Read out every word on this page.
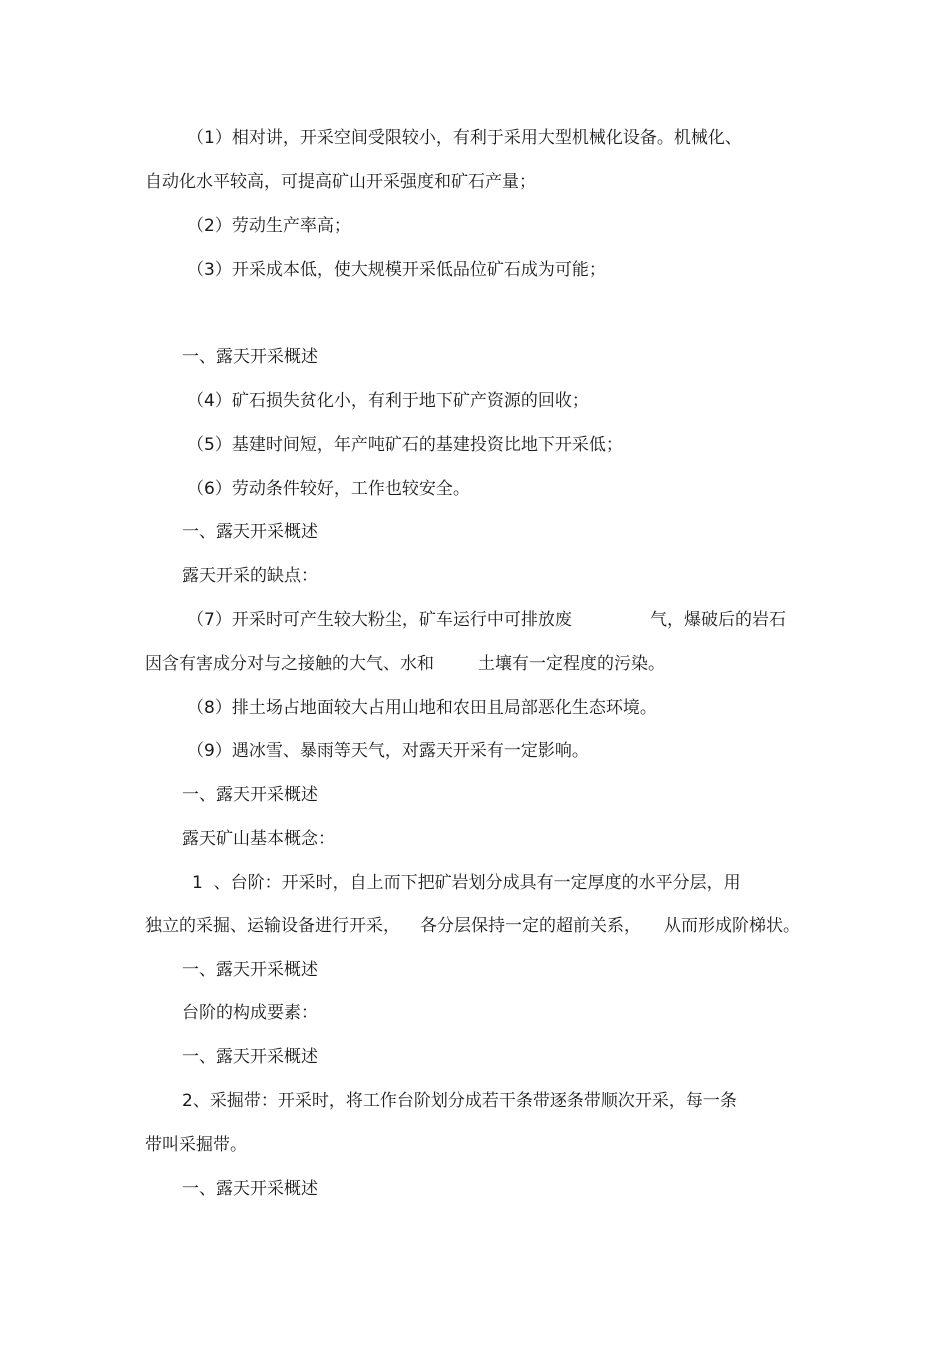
（1）相对讲，开采空间受限较小，有利于采用大型机械化设备。机械化、

自动化水平较高，可提高矿山开采强度和矿石产量；

（2）劳动生产率高；

（3）开采成本低，使大规模开采低品位矿石成为可能；

一、露天开采概述

（4）矿石损失贫化小，有利于地下矿产资源的回收；

（5）基建时间短，年产吨矿石的基建投资比地下开采低；

（6）劳动条件较好，工作也较安全。

一、露天开采概述

露天开采的缺点：

（7）开采时可产生较大粉尘，矿车运行中可排放废	气，爆破后的岩石

因含有害成分对与之接触的大气、水和	土壤有一定程度的污染。

（8）排土场占地面较大占用山地和农田且局部恶化生态环境。

（9）遇冰雪、暴雨等天气，对露天开采有一定影响。

一、露天开采概述

露天矿山基本概念：

1  、台阶：开采时，自上而下把矿岩划分成具有一定厚度的水平分层，用

独立的采掘、运输设备进行开采， 各分层保持一定的超前关系， 从而形成阶梯状。

一、露天开采概述

台阶的构成要素：

一、露天开采概述

2、采掘带：开采时，将工作台阶划分成若干条带逐条带顺次开采，每一条

带叫采掘带。

一、露天开采概述
